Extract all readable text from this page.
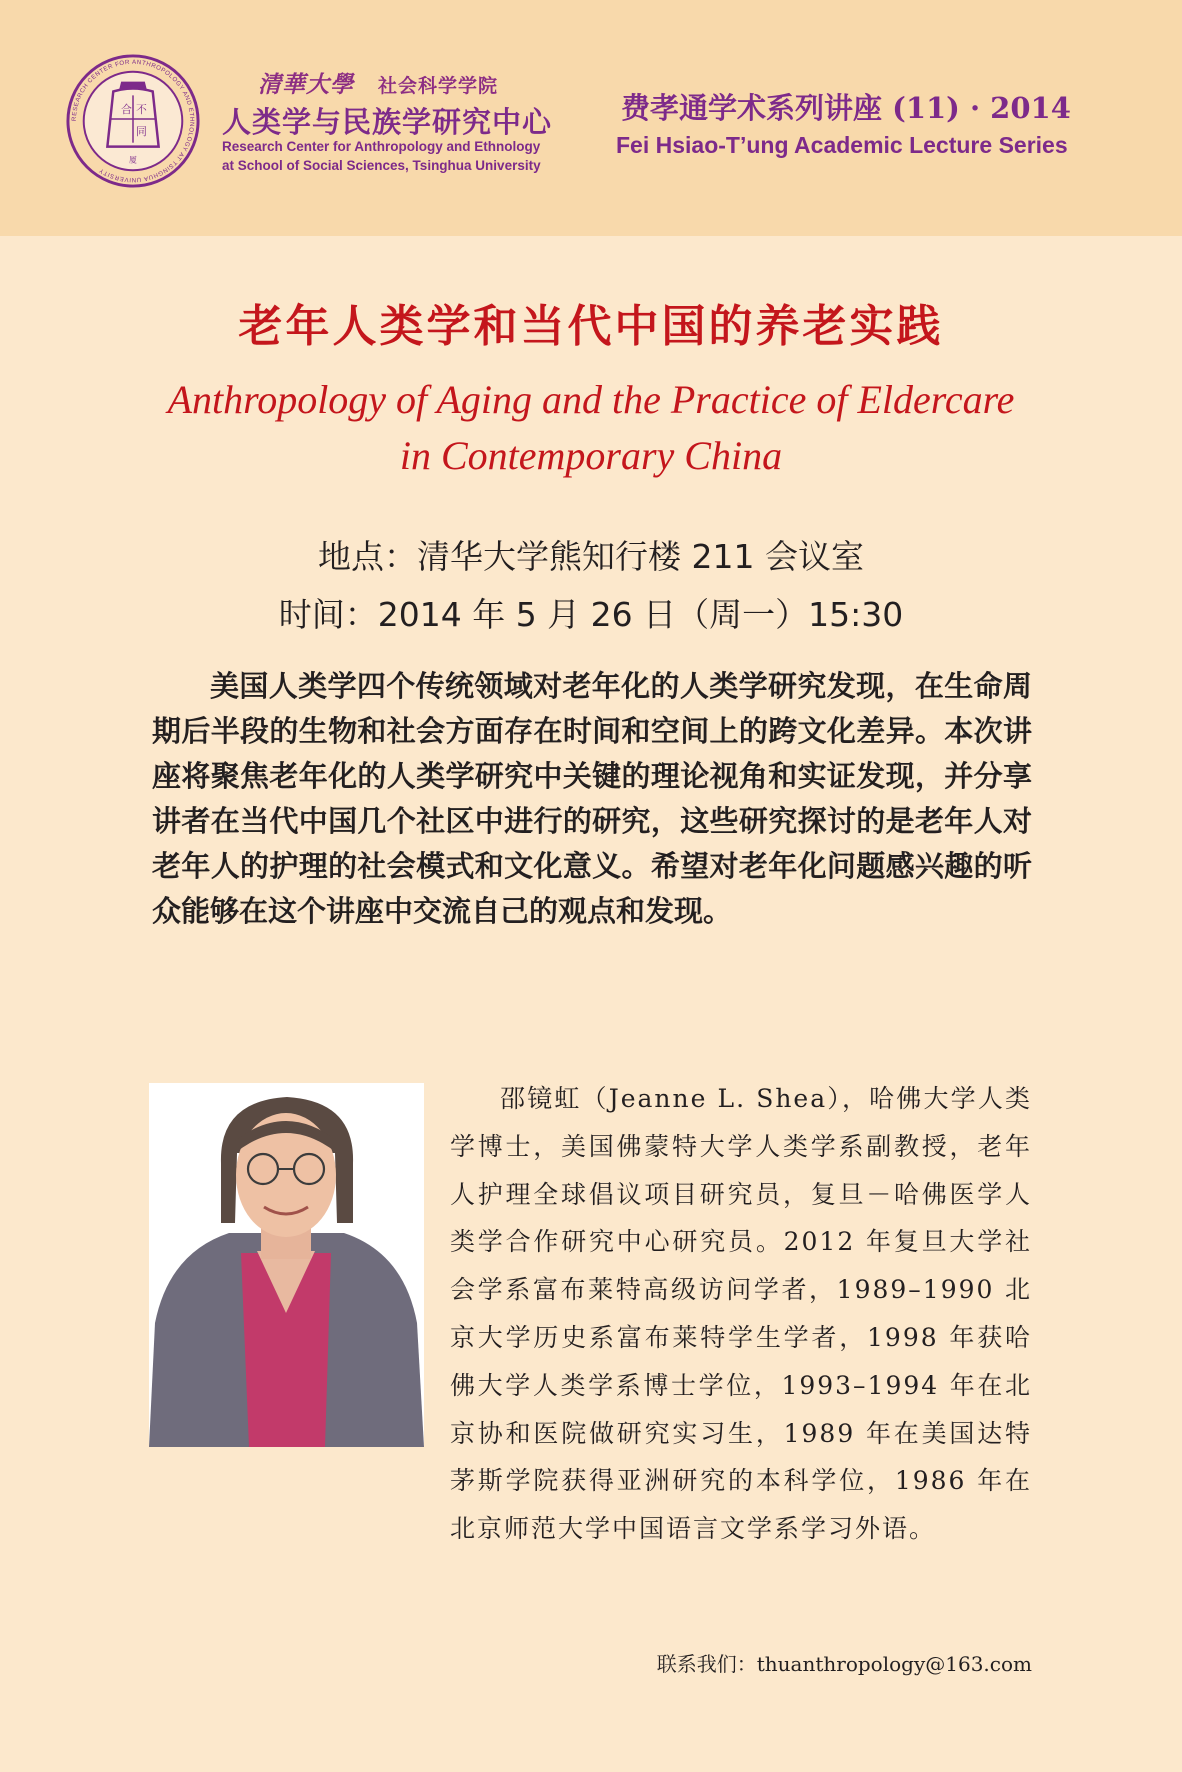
RESEARCH CENTER FOR ANTHROPOLOGY AND ETHNOLOGY AT TSINGHUA UNIVERSITY
合 不
同
厦
清華大學 社会科学学院
人类学与民族学研究中心
Research Center for Anthropology and Ethnology
at School of Social Sciences, Tsinghua University
费孝通学术系列讲座 (11) · 2014
Fei Hsiao-T’ung Academic Lecture Series
老年人类学和当代中国的养老实践
Anthropology of Aging and the Practice of Eldercare
in Contemporary China
地点：清华大学熊知行楼 211 会议室
时间：2014 年 5 月 26 日（周一）15:30
美国人类学四个传统领域对老年化的人类学研究发现，在生命周期后半段的生物和社会方面存在时间和空间上的跨文化差异。本次讲座将聚焦老年化的人类学研究中关键的理论视角和实证发现，并分享讲者在当代中国几个社区中进行的研究，这些研究探讨的是老年人对老年人的护理的社会模式和文化意义。希望对老年化问题感兴趣的听众能够在这个讲座中交流自己的观点和发现。
邵镜虹（Jeanne L. Shea），哈佛大学人类学博士，美国佛蒙特大学人类学系副教授，老年人护理全球倡议项目研究员，复旦－哈佛医学人类学合作研究中心研究员。2012 年复旦大学社会学系富布莱特高级访问学者，1989–1990 北京大学历史系富布莱特学生学者，1998 年获哈佛大学人类学系博士学位，1993–1994 年在北京协和医院做研究实习生，1989 年在美国达特茅斯学院获得亚洲研究的本科学位，1986 年在北京师范大学中国语言文学系学习外语。
联系我们：thuanthropology@163.com
